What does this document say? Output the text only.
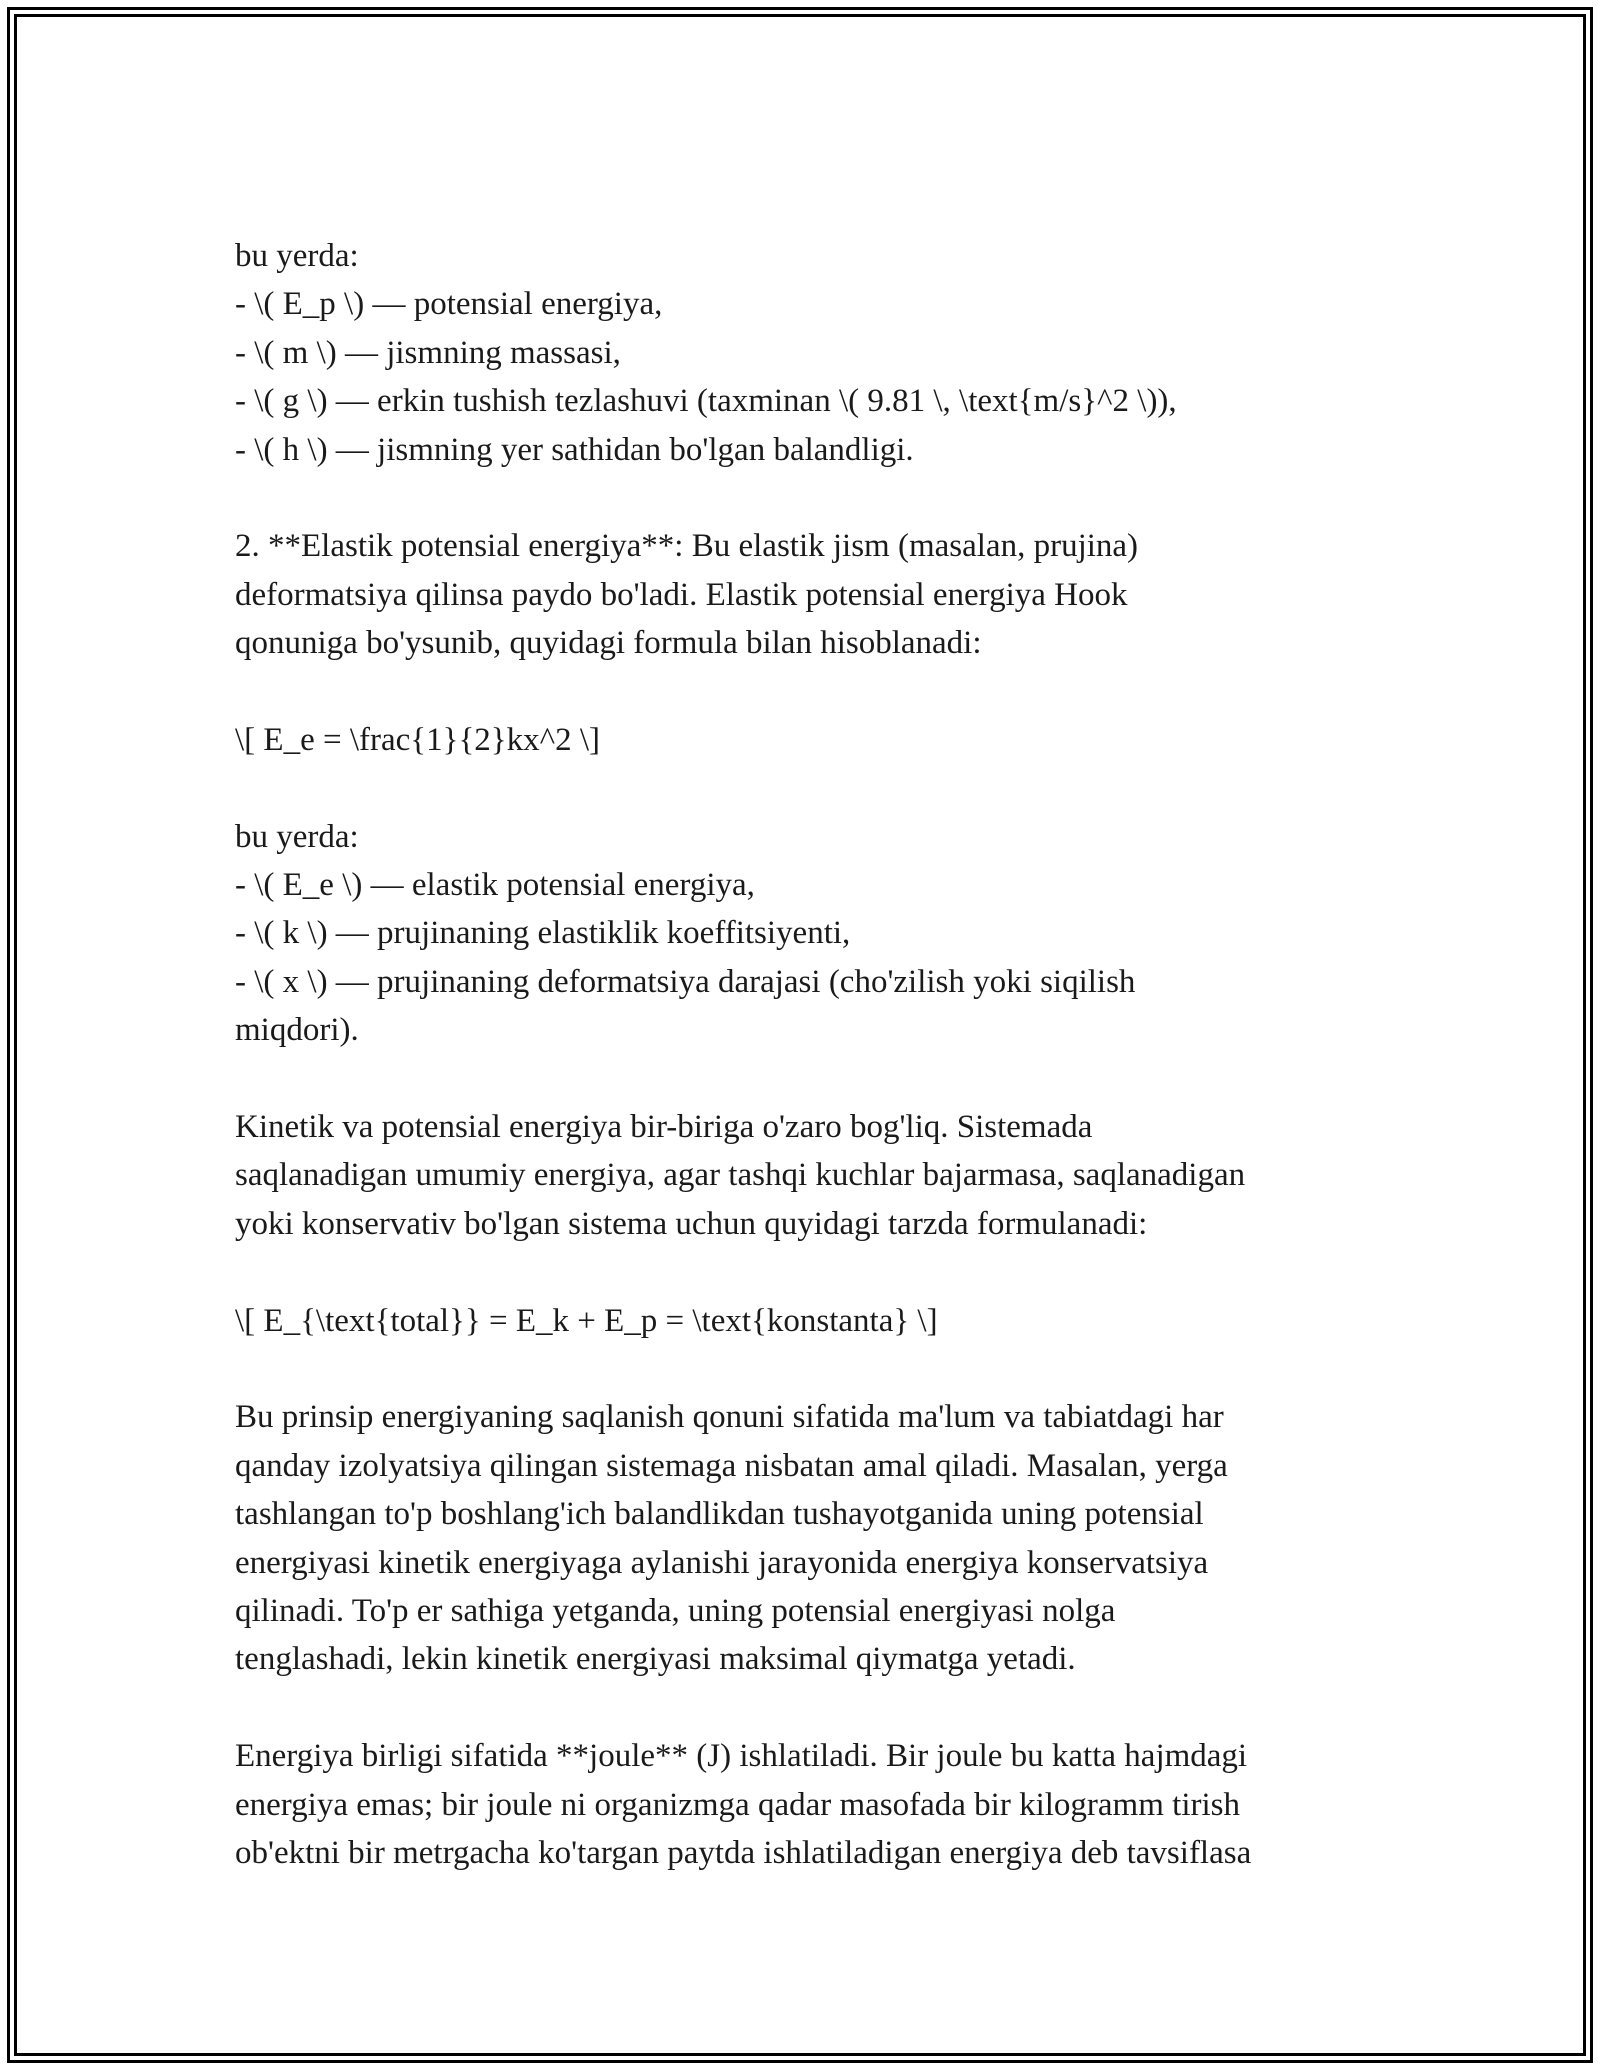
bu yerda:
- \( E_p \) — potensial energiya,
- \( m \) — jismning massasi,
- \( g \) — erkin tushish tezlashuvi (taxminan \( 9.81 \, \text{m/s}^2 \)),
- \( h \) — jismning yer sathidan bo'lgan balandligi.
2. **Elastik potensial energiya**: Bu elastik jism (masalan, prujina)
deformatsiya qilinsa paydo bo'ladi. Elastik potensial energiya Hook
qonuniga bo'ysunib, quyidagi formula bilan hisoblanadi:
\[ E_e = \frac{1}{2}kx^2 \]
bu yerda:
- \( E_e \) — elastik potensial energiya,
- \( k \) — prujinaning elastiklik koeffitsiyenti,
- \( x \) — prujinaning deformatsiya darajasi (cho'zilish yoki siqilish
miqdori).
Kinetik va potensial energiya bir-biriga o'zaro bog'liq. Sistemada
saqlanadigan umumiy energiya, agar tashqi kuchlar bajarmasa, saqlanadigan
yoki konservativ bo'lgan sistema uchun quyidagi tarzda formulanadi:
\[ E_{\text{total}} = E_k + E_p = \text{konstanta} \]
Bu prinsip energiyaning saqlanish qonuni sifatida ma'lum va tabiatdagi har
qanday izolyatsiya qilingan sistemaga nisbatan amal qiladi. Masalan, yerga
tashlangan to'p boshlang'ich balandlikdan tushayotganida uning potensial
energiyasi kinetik energiyaga aylanishi jarayonida energiya konservatsiya
qilinadi. To'p er sathiga yetganda, uning potensial energiyasi nolga
tenglashadi, lekin kinetik energiyasi maksimal qiymatga yetadi.
Energiya birligi sifatida **joule** (J) ishlatiladi. Bir joule bu katta hajmdagi
energiya emas; bir joule ni organizmga qadar masofada bir kilogramm tirish
ob'ektni bir metrgacha ko'targan paytda ishlatiladigan energiya deb tavsiflasa
